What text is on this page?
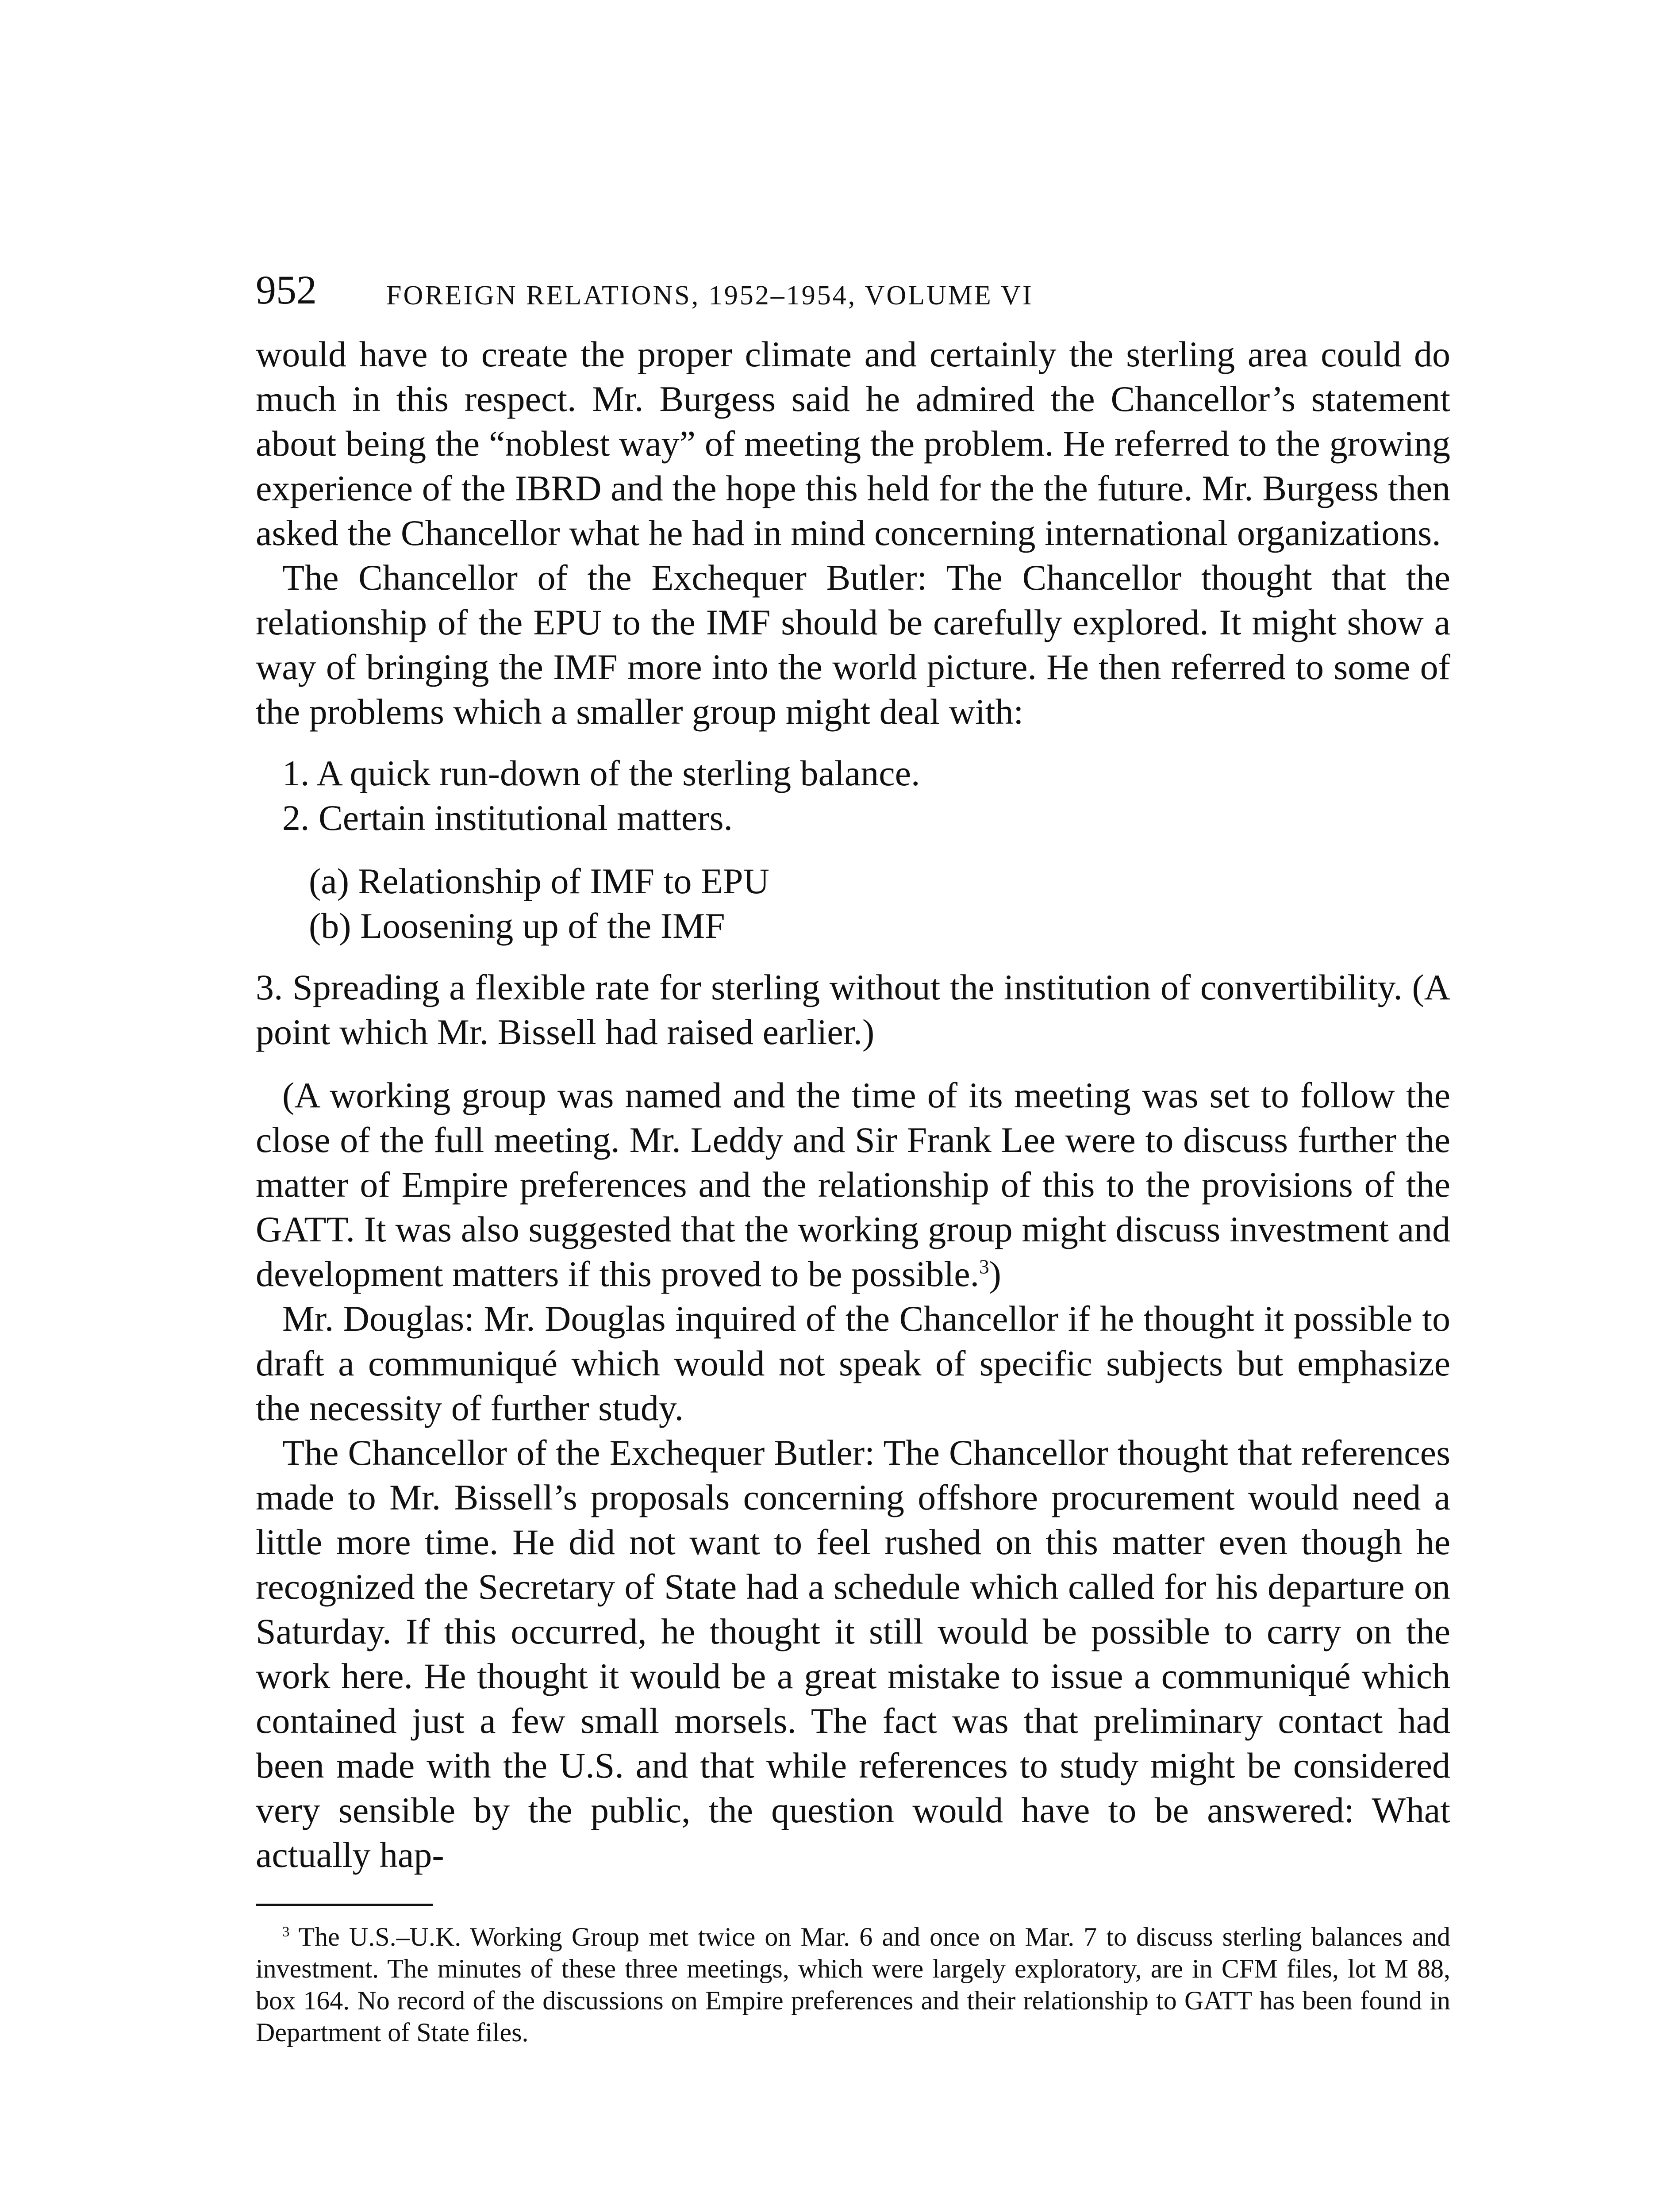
952	FOREIGN RELATIONS, 1952–1954, VOLUME VI

would have to create the proper climate and certainly the sterling area could do much in this respect. Mr. Burgess said he admired the Chancellor’s statement about being the “noblest way” of meeting the problem. He referred to the growing experience of the IBRD and the hope this held for the the future. Mr. Burgess then asked the Chancellor what he had in mind concerning international organizations.

The Chancellor of the Exchequer Butler: The Chancellor thought that the relationship of the EPU to the IMF should be carefully explored. It might show a way of bringing the IMF more into the world picture. He then referred to some of the problems which a smaller group might deal with:

1. A quick run-down of the sterling balance.

2. Certain institutional matters.

(a) Relationship of IMF to EPU

(b) Loosening up of the IMF

3. Spreading a flexible rate for sterling without the institution of convertibility. (A point which Mr. Bissell had raised earlier.)

(A working group was named and the time of its meeting was set to follow the close of the full meeting. Mr. Leddy and Sir Frank Lee were to discuss further the matter of Empire preferences and the relationship of this to the provisions of the GATT. It was also suggested that the working group might discuss investment and development matters if this proved to be possible.$^3$)

Mr. Douglas: Mr. Douglas inquired of the Chancellor if he thought it possible to draft a communiqué which would not speak of specific subjects but emphasize the necessity of further study.

The Chancellor of the Exchequer Butler: The Chancellor thought that references made to Mr. Bissell’s proposals concerning offshore procurement would need a little more time. He did not want to feel rushed on this matter even though he recognized the Secretary of State had a schedule which called for his departure on Saturday. If this occurred, he thought it still would be possible to carry on the work here. He thought it would be a great mistake to issue a communiqué which contained just a few small morsels. The fact was that preliminary contact had been made with the U.S. and that while references to study might be considered very sensible by the public, the question would have to be answered: What actually hap-

$^3$ The U.S.–U.K. Working Group met twice on Mar. 6 and once on Mar. 7 to discuss sterling balances and investment. The minutes of these three meetings, which were largely exploratory, are in CFM files, lot M 88, box 164. No record of the discussions on Empire preferences and their relationship to GATT has been found in Department of State files.
